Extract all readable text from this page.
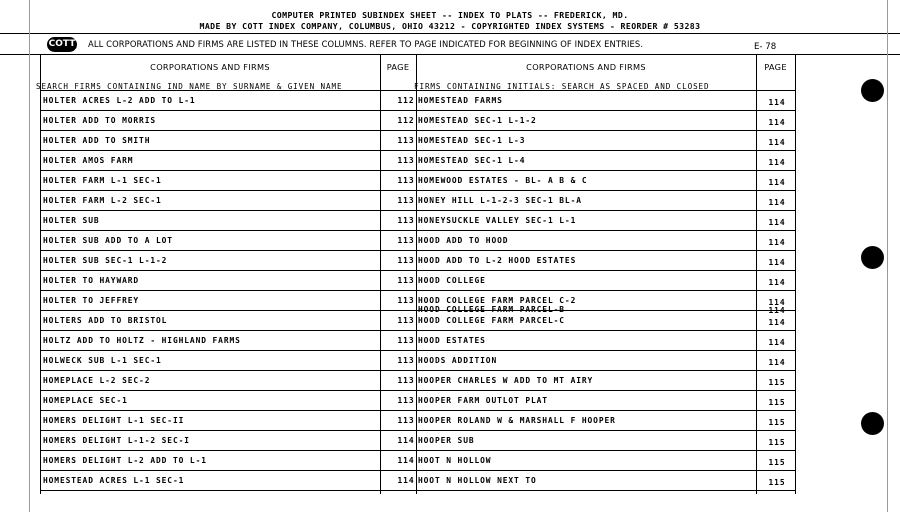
COMPUTER PRINTED SUBINDEX SHEET -- INDEX TO PLATS -- FREDERICK, MD.
MADE BY COTT INDEX COMPANY, COLUMBUS, OHIO 43212 - COPYRIGHTED INDEX SYSTEMS - REORDER # 53283
COTT ALL CORPORATIONS AND FIRMS ARE LISTED IN THESE COLUMNS. REFER TO PAGE INDICATED FOR BEGINNING OF INDEX ENTRIES.	E- 78
CORPORATIONS AND FIRMS	PAGE	CORPORATIONS AND FIRMS	PAGE
SEARCH FIRMS CONTAINING IND NAME BY SURNAME & GIVEN NAME	FIRMS CONTAINING INITIALS: SEARCH AS SPACED AND CLOSED
HOLTER ACRES L-2 ADD TO L-1	112 HOMESTEAD FARMS	114
HOLTER ADD TO MORRIS	112 HOMESTEAD SEC-1 L-1-2	114
HOLTER ADD TO SMITH	113 HOMESTEAD SEC-1 L-3	114
HOLTER AMOS FARM	113 HOMESTEAD SEC-1 L-4	114
HOLTER FARM L-1 SEC-1	113 HOMEWOOD ESTATES - BL- A B & C	114
HOLTER FARM L-2 SEC-1	113 HONEY HILL L-1-2-3 SEC-1 BL-A	114
HOLTER SUB	113 HONEYSUCKLE VALLEY SEC-1 L-1	114
HOLTER SUB ADD TO A LOT	113 HOOD ADD TO HOOD	114
HOLTER SUB SEC-1 L-1-2	113 HOOD ADD TO L-2 HOOD ESTATES	114
HOLTER TO HAYWARD	113 HOOD COLLEGE	114
HOLTER TO JEFFREY	113 HOOD COLLEGE FARM PARCEL C-2	114
HOOD COLLEGE FARM PARCEL-B	114
HOLTERS ADD TO BRISTOL	113 HOOD COLLEGE FARM PARCEL-C	114
HOLTZ ADD TO HOLTZ - HIGHLAND FARMS	113 HOOD ESTATES	114
HOLWECK SUB L-1 SEC-1	113 HOODS ADDITION	114
HOMEPLACE L-2 SEC-2	113 HOOPER CHARLES W ADD TO MT AIRY	115
HOMEPLACE SEC-1	113 HOOPER FARM OUTLOT PLAT	115
HOMERS DELIGHT L-1 SEC-II	113 HOOPER ROLAND W & MARSHALL F HOOPER	115
HOMERS DELIGHT L-1-2 SEC-I	114 HOOPER SUB	115
HOMERS DELIGHT L-2 ADD TO L-1	114 HOOT N HOLLOW	115
HOMESTEAD ACRES L-1 SEC-1	114 HOOT N HOLLOW NEXT TO	115
